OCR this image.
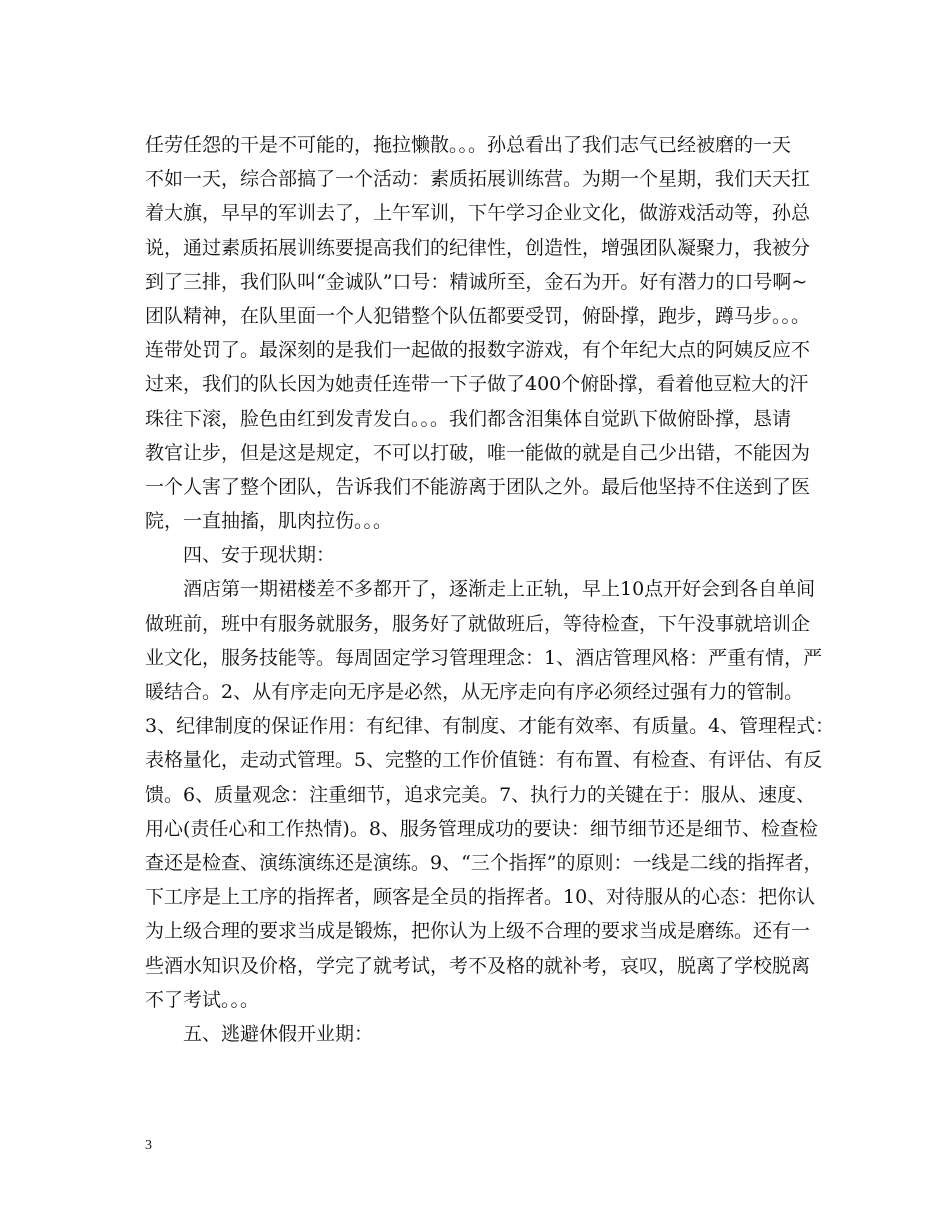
任劳任怨的干是不可能的，拖拉懒散。。。孙总看出了我们志气已经被磨的一天
不如一天，综合部搞了一个活动：素质拓展训练营。为期一个星期，我们天天扛
着大旗，早早的军训去了，上午军训，下午学习企业文化，做游戏活动等，孙总
说，通过素质拓展训练要提高我们的纪律性，创造性，增强团队凝聚力，我被分
到了三排，我们队叫“金诚队”口号：精诚所至，金石为开。好有潜力的口号啊~
团队精神，在队里面一个人犯错整个队伍都要受罚，俯卧撑，跑步，蹲马步。。。
连带处罚了。最深刻的是我们一起做的报数字游戏，有个年纪大点的阿姨反应不
过来，我们的队长因为她责任连带一下子做了400个俯卧撑，看着他豆粒大的汗
珠往下滚，脸色由红到发青发白。。。我们都含泪集体自觉趴下做俯卧撑，恳请
教官让步，但是这是规定，不可以打破，唯一能做的就是自己少出错，不能因为
一个人害了整个团队，告诉我们不能游离于团队之外。最后他坚持不住送到了医
院，一直抽搐，肌肉拉伤。。。
四、安于现状期：
酒店第一期裙楼差不多都开了，逐渐走上正轨，早上10点开好会到各自单间
做班前，班中有服务就服务，服务好了就做班后，等待检查，下午没事就培训企
业文化，服务技能等。每周固定学习管理理念：1、酒店管理风格：严重有情，严
暖结合。2、从有序走向无序是必然，从无序走向有序必须经过强有力的管制。
3、纪律制度的保证作用：有纪律、有制度、才能有效率、有质量。4、管理程式：
表格量化，走动式管理。5、完整的工作价值链：有布置、有检查、有评估、有反
馈。6、质量观念：注重细节，追求完美。7、执行力的关键在于：服从、速度、
用心(责任心和工作热情)。8、服务管理成功的要诀：细节细节还是细节、检查检
查还是检查、演练演练还是演练。9、“三个指挥”的原则：一线是二线的指挥者，
下工序是上工序的指挥者，顾客是全员的指挥者。10、对待服从的心态：把你认
为上级合理的要求当成是锻炼，把你认为上级不合理的要求当成是磨练。还有一
些酒水知识及价格，学完了就考试，考不及格的就补考，哀叹，脱离了学校脱离
不了考试。。。
五、逃避休假开业期：
3
